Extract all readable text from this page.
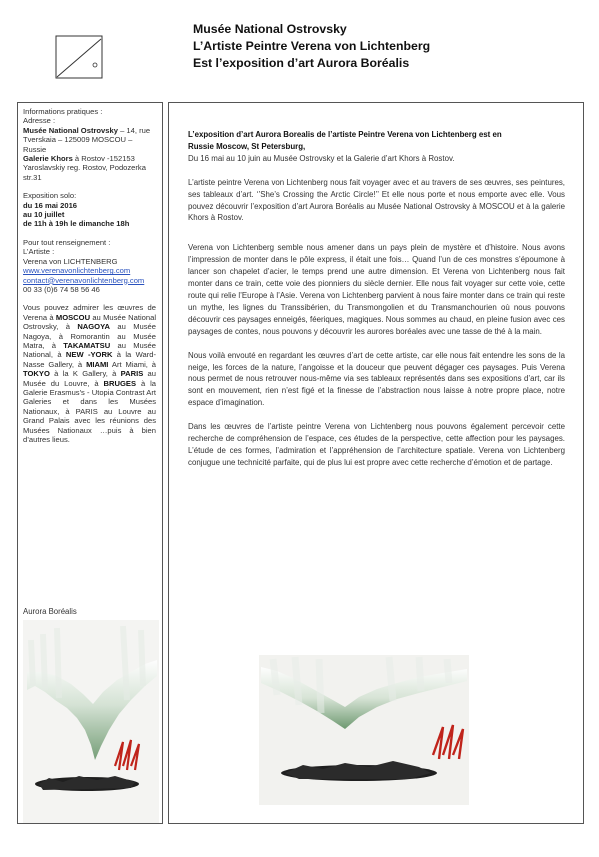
Musée National Ostrovsky
L’Artiste Peintre Verena von Lichtenberg
Est l’exposition d’art Aurora Boréalis

Informations pratiques :

Adresse :

Musée National Ostrovsky – 14, rue Tverskaia – 125009 MOSCOU – Russie

Galerie Khors à Rostov -152153 Yaroslavskiy reg. Rostov, Podozerka str.31

Exposition solo:

du 16 mai 2016

au 10 juillet

de 11h à 19h le dimanche 18h

Pour tout renseignement :

L’Artiste :

Verena von LICHTENBERG

www.verenavonlichtenberg.com

contact@verenavonlichtenberg.com

00 33 (0)6 74 58 56 46

Vous pouvez admirer les œuvres de Verena à MOSCOU au Musée National Ostrovsky, à NAGOYA au Musée Nagoya, à Romorantin au Musée Matra, à TAKAMATSU au Musée National, à NEW -YORK à la Ward-Nasse Gallery, à MIAMI Art Miami, à TOKYO à la K Gallery, à PARIS au Musée du Louvre, à BRUGES à la Galerie Erasmus's - Utopia Contrast Art Galeries et dans les Musées Nationaux, à PARIS au Louvre au Grand Palais avec les réunions des Musées Nationaux …puis à bien d’autres lieus.

Aurora Boréalis

L’exposition d’art Aurora Borealis de l’artiste Peintre Verena von Lichtenberg est en

Russie Moscow, St Petersburg,

Du 16 mai au 10 juin au Musée Ostrovsky et la Galerie d’art Khors à Rostov.

L’artiste peintre Verena von Lichtenberg nous fait voyager avec et au travers de ses œuvres, ses peintures, ses tableaux d’art. ‘’She’s Crossing the Arctic Circle!’’ Et elle nous porte et nous emporte avec elle. Vous pouvez découvrir l’exposition d’art Aurora Boréalis au Musée National Ostrovsky à MOSCOU et à la galerie Khors à Rostov.

Verena von Lichtenberg semble nous amener dans un pays plein de mystère et d’histoire. Nous avons l’impression de monter dans le pôle express, il était une fois… Quand l’un de ces monstres s’époumone à lancer son chapelet d’acier, le temps prend une autre dimension. Et Verena von Lichtenberg nous fait monter dans ce train, cette voie des pionniers du siècle dernier. Elle nous fait voyager sur cette voie, cette route qui relie l’Europe à l’Asie. Verena von Lichtenberg parvient à nous faire monter dans ce train qui reste un mythe, les lignes du Transsibérien, du Transmongolien et du Transmanchourien où nous pouvons découvrir ces paysages enneigés, féeriques, magiques. Nous sommes au chaud, en pleine fusion avec ces paysages de contes, nous pouvons y découvrir les aurores boréales avec une tasse de thé à la main.

Nous voilà envouté en regardant les œuvres d’art de cette artiste, car elle nous fait entendre les sons de la neige, les forces de la nature, l’angoisse et la douceur que peuvent dégager ces paysages. Puis Verena nous permet de nous retrouver nous-même via ses tableaux représentés dans ses expositions d’art, car ils sont en mouvement, rien n’est figé et la finesse de l’abstraction nous laisse à notre propre place, notre espace d’imagination.

Dans les œuvres de l’artiste peintre Verena von Lichtenberg nous pouvons également percevoir cette recherche de compréhension de l’espace, ces études de la perspective, cette affection pour les paysages. L’étude de ces formes, l’admiration et l’appréhension de l’architecture spatiale. Verena von Lichtenberg conjugue une technicité parfaite, qui de plus lui est propre avec cette recherche d’émotion et de partage.
